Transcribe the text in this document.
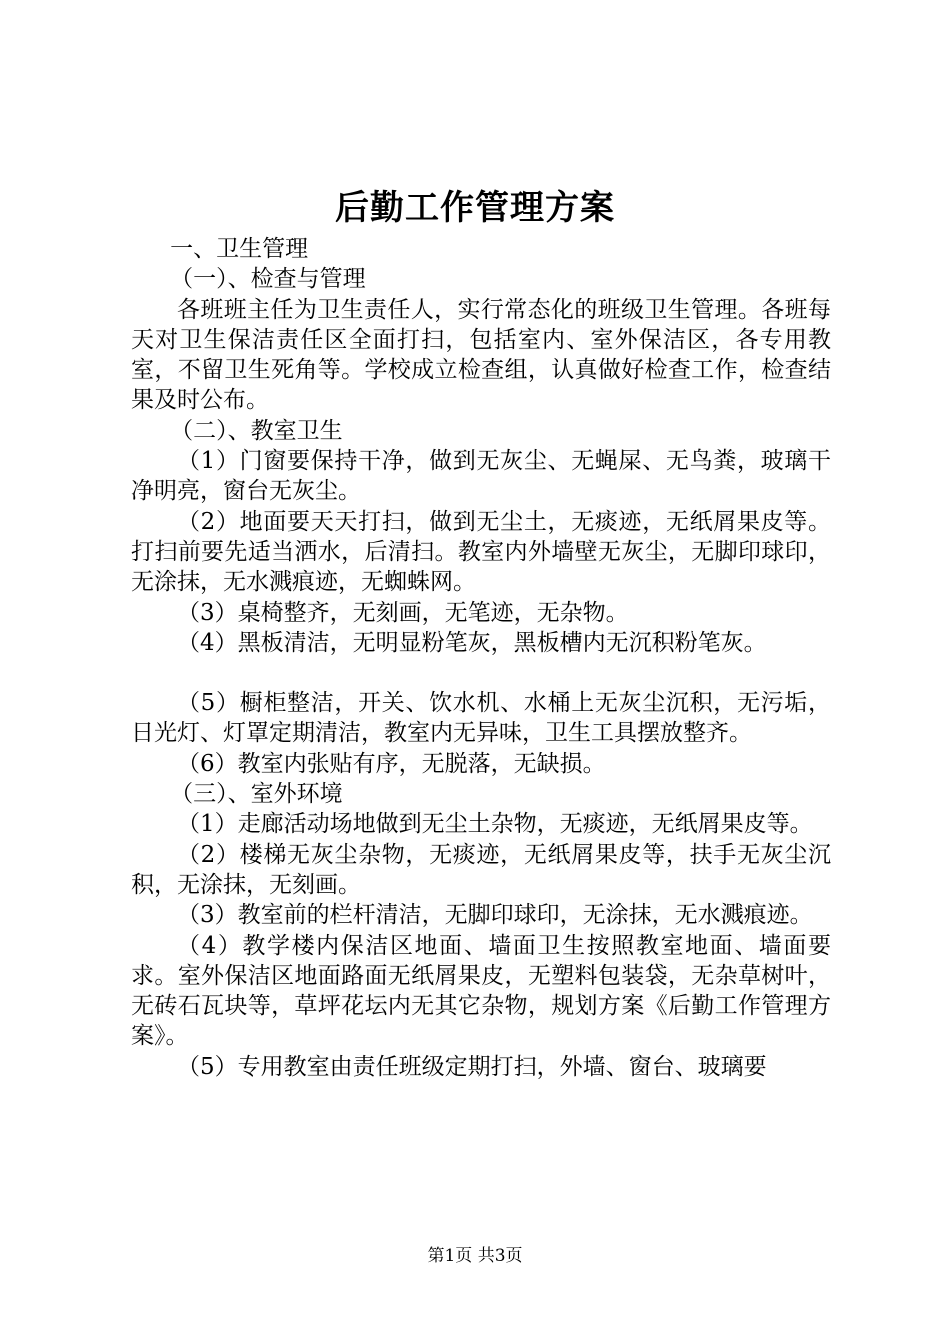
后勤工作管理方案

一、卫生管理

（一）、检查与管理

各班班主任为卫生责任人，实行常态化的班级卫生管理。各班每天对卫生保洁责任区全面打扫，包括室内、室外保洁区，各专用教室，不留卫生死角等。学校成立检查组，认真做好检查工作，检查结果及时公布。

（二）、教室卫生

（1）门窗要保持干净，做到无灰尘、无蝇屎、无鸟粪，玻璃干净明亮，窗台无灰尘。

（2）地面要天天打扫，做到无尘土，无痰迹，无纸屑果皮等。打扫前要先适当洒水，后清扫。教室内外墙壁无灰尘，无脚印球印，无涂抹，无水溅痕迹，无蜘蛛网。

（3）桌椅整齐，无刻画，无笔迹，无杂物。

（4）黑板清洁，无明显粉笔灰，黑板槽内无沉积粉笔灰。

（5）橱柜整洁，开关、饮水机、水桶上无灰尘沉积，无污垢，日光灯、灯罩定期清洁，教室内无异味，卫生工具摆放整齐。

（6）教室内张贴有序，无脱落，无缺损。

（三）、室外环境

（1）走廊活动场地做到无尘土杂物，无痰迹，无纸屑果皮等。

（2）楼梯无灰尘杂物，无痰迹，无纸屑果皮等，扶手无灰尘沉积，无涂抹，无刻画。

（3）教室前的栏杆清洁，无脚印球印，无涂抹，无水溅痕迹。

（4）教学楼内保洁区地面、墙面卫生按照教室地面、墙面要求。室外保洁区地面路面无纸屑果皮，无塑料包装袋，无杂草树叶，无砖石瓦块等，草坪花坛内无其它杂物，规划方案《后勤工作管理方案》。

（5）专用教室由责任班级定期打扫，外墙、窗台、玻璃要

第1页 共3页
